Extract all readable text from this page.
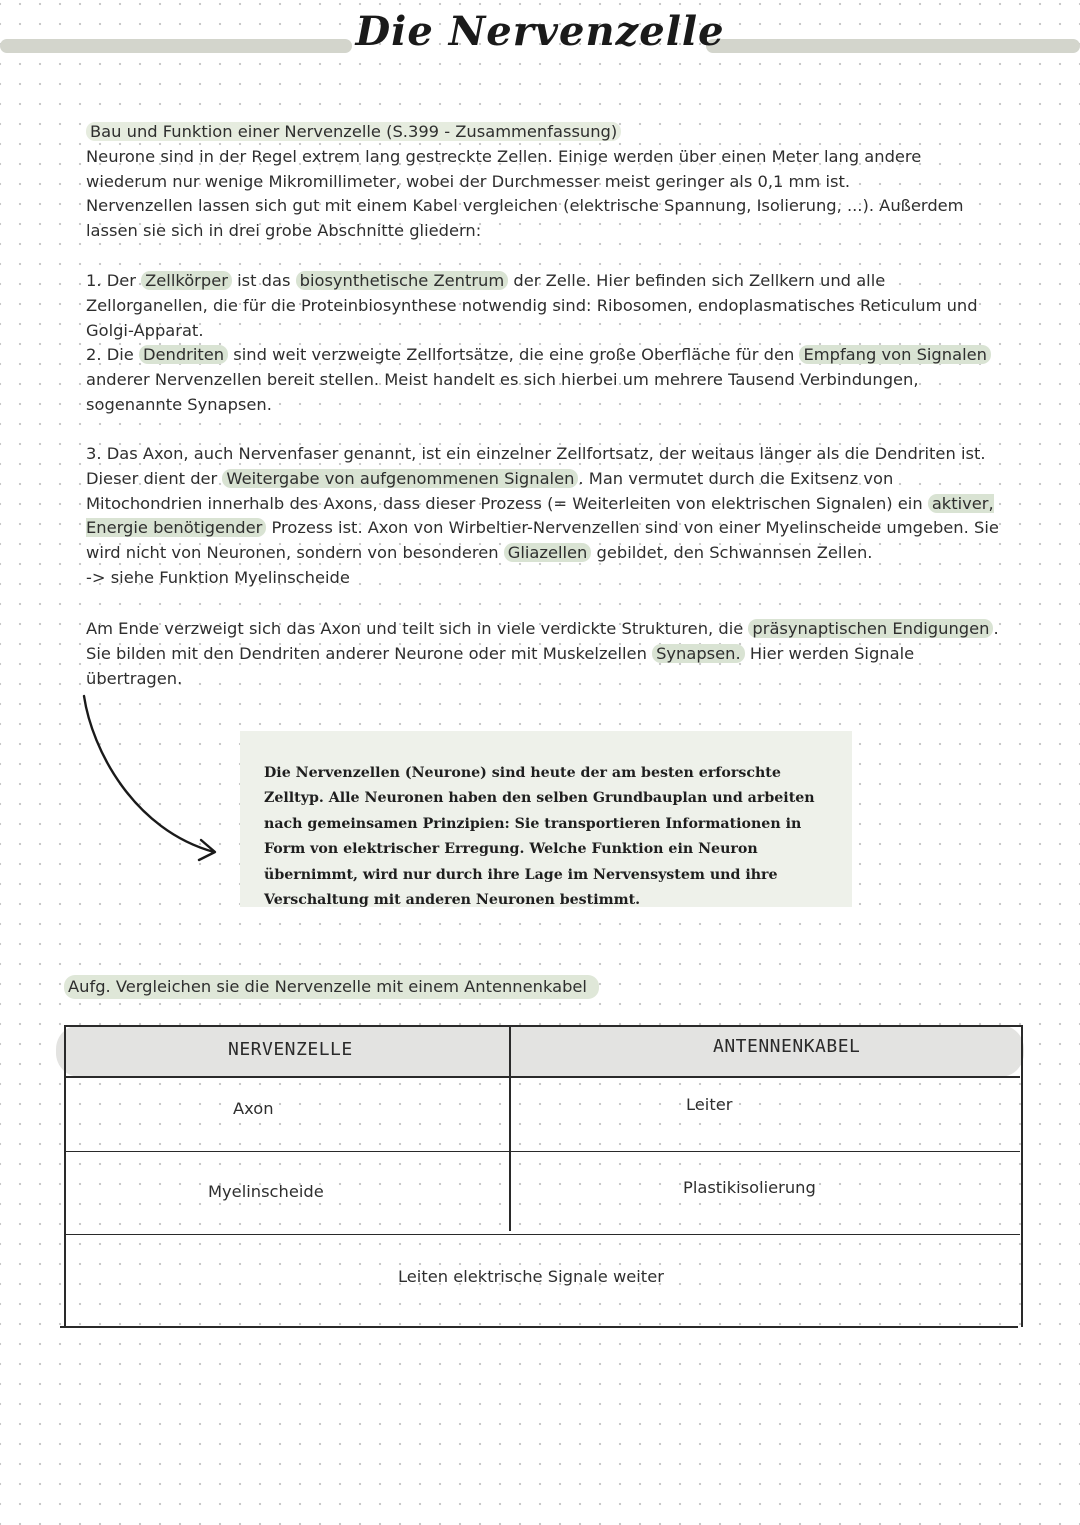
Die Nervenzelle
Bau und Funktion einer Nervenzelle (S.399 - Zusammenfassung)
Neurone sind in der Regel extrem lang gestreckte Zellen. Einige werden über einen Meter lang andere wiederum nur wenige Mikromillimeter, wobei der Durchmesser meist geringer als 0,1 mm ist.
Nervenzellen lassen sich gut mit einem Kabel vergleichen (elektrische Spannung, Isolierung, ...). Außerdem lassen sie sich in drei grobe Abschnitte gliedern:
1. Der Zellkörper ist das biosynthetische Zentrum der Zelle. Hier befinden sich Zellkern und alle Zellorganellen, die für die Proteinbiosynthese notwendig sind: Ribosomen, endoplasmatisches Reticulum und Golgi-Apparat.
2. Die Dendriten sind weit verzweigte Zellfortsätze, die eine große Oberfläche für den Empfang von Signalen anderer Nervenzellen bereit stellen. Meist handelt es sich hierbei um mehrere Tausend Verbindungen, sogenannte Synapsen.
3. Das Axon, auch Nervenfaser genannt, ist ein einzelner Zellfortsatz, der weitaus länger als die Dendriten ist. Dieser dient der Weitergabe von aufgenommenen Signalen . Man vermutet durch die Exitsenz von Mitochondrien innerhalb des Axons, dass dieser Prozess (= Weiterleiten von elektrischen Signalen) ein aktiver, Energie benötigender Prozess ist. Axon von Wirbeltier-Nervenzellen sind von einer Myelinscheide umgeben. Sie wird nicht von Neuronen, sondern von besonderen Gliazellen gebildet, den Schwannsen Zellen.
-> siehe Funktion Myelinscheide
Am Ende verzweigt sich das Axon und teilt sich in viele verdickte Strukturen, die präsynaptischen Endigungen . Sie bilden mit den Dendriten anderer Neurone oder mit Muskelzellen Synapsen. Hier werden Signale übertragen.
Die Nervenzellen (Neurone) sind heute der am besten erforschte Zelltyp. Alle Neuronen haben den selben Grundbauplan und arbeiten nach gemeinsamen Prinzipien: Sie transportieren Informationen in Form von elektrischer Erregung. Welche Funktion ein Neuron übernimmt, wird nur durch ihre Lage im Nervensystem und ihre Verschaltung mit anderen Neuronen bestimmt.
Aufg. Vergleichen sie die Nervenzelle mit einem Antennenkabel
NERVENZELLE	ANTENNENKABEL
Axon	Leiter
Myelinscheide	Plastikisolierung
Leiten elektrische Signale weiter
